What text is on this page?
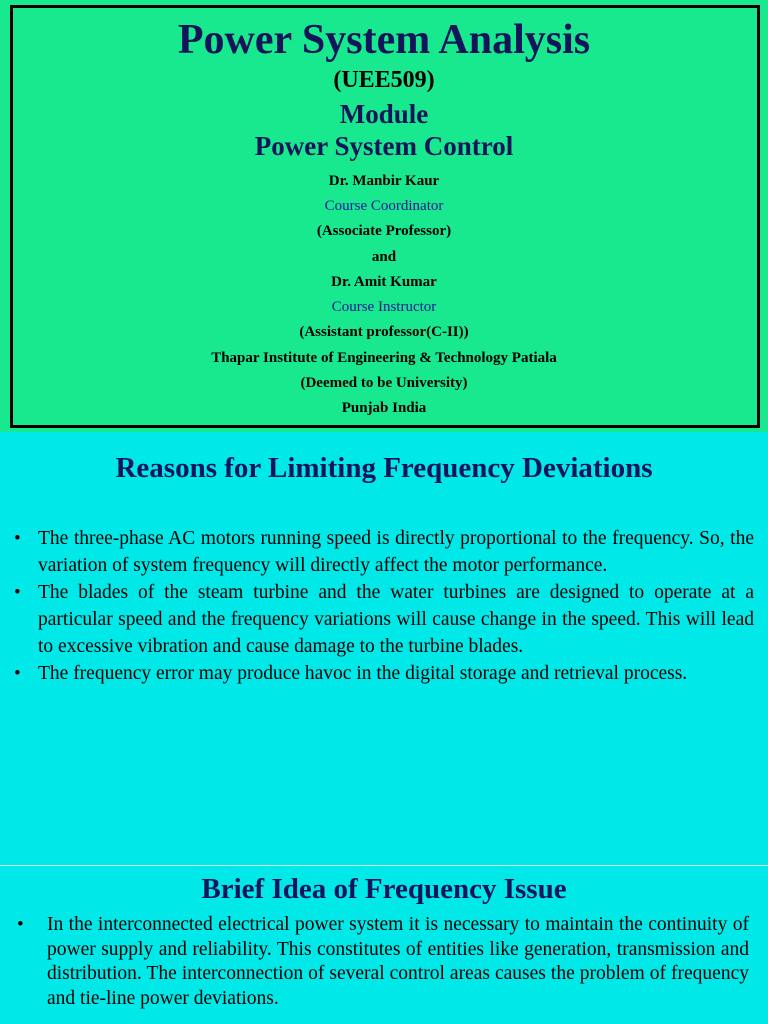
Power System Analysis
(UEE509)
Module
Power System Control
Dr. Manbir Kaur
Course Coordinator
(Associate Professor)
and
Dr. Amit Kumar
Course Instructor
(Assistant professor(C-II))
Thapar Institute of Engineering & Technology Patiala
(Deemed to be University)
Punjab India
Reasons for Limiting Frequency Deviations
• The three-phase AC motors running speed is directly proportional to the frequency. So, the variation of system frequency will directly affect the motor performance.
• The blades of the steam turbine and the water turbines are designed to operate at a particular speed and the frequency variations will cause change in the speed. This will lead to excessive vibration and cause damage to the turbine blades.
• The frequency error may produce havoc in the digital storage and retrieval process.
Brief Idea of Frequency Issue
• In the interconnected electrical power system it is necessary to maintain the continuity of power supply and reliability. This constitutes of entities like generation, transmission and distribution. The interconnection of several control areas causes the problem of frequency and tie-line power deviations.
